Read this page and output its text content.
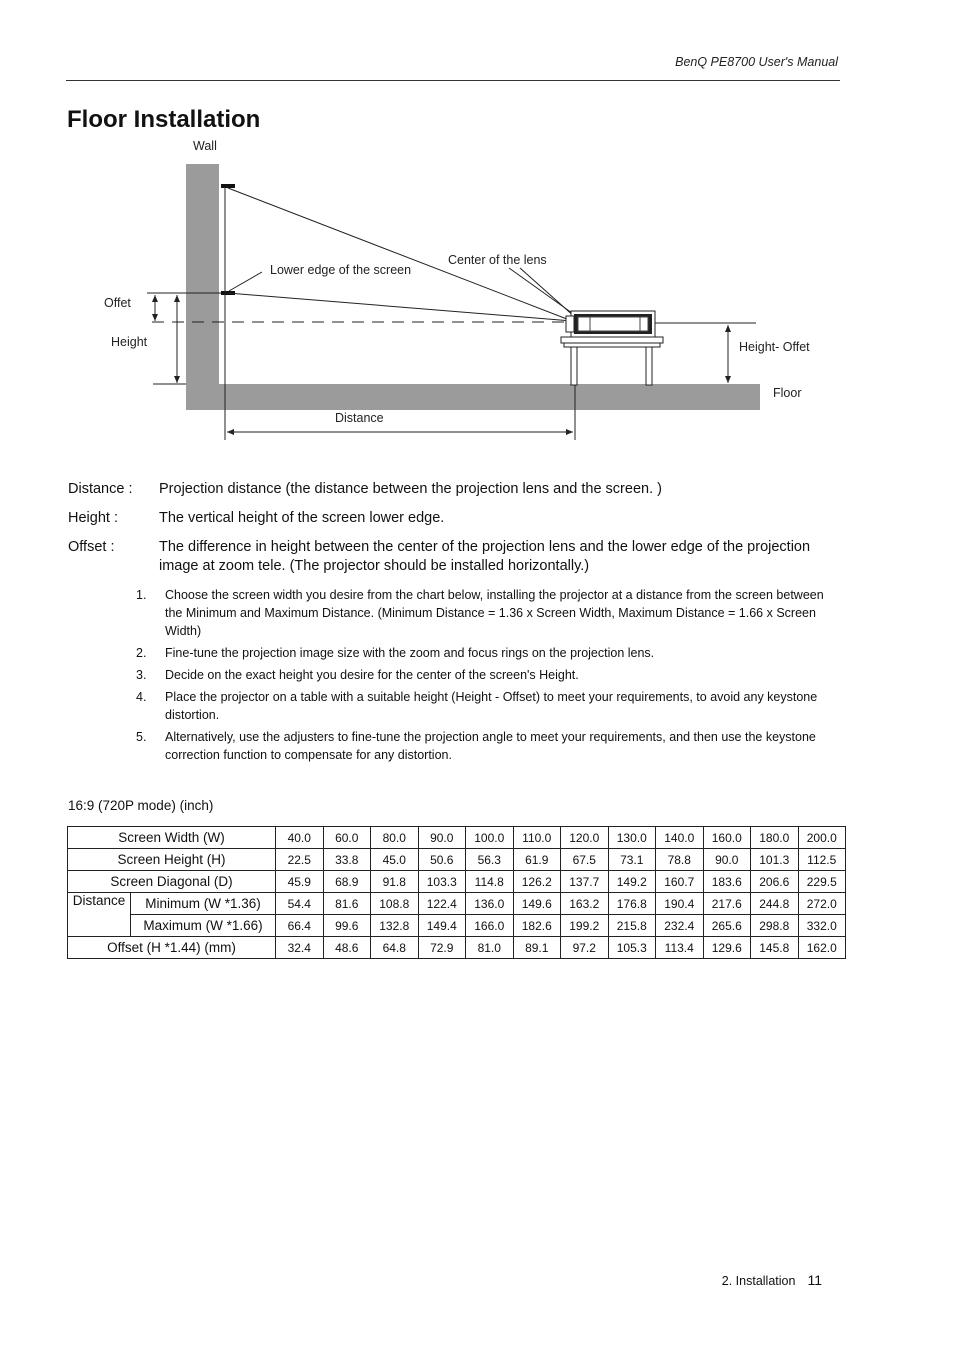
BenQ PE8700 User's Manual
Floor Installation
Wall
Lower edge of the screen
Center of the lens
Offet
Height	Height- Offet
Floor
Distance
Distance :	Projection distance (the distance between the projection lens and the screen. )
Height :	The vertical height of the screen lower edge.
Offset :	The difference in height between the center of the projection lens and the lower edge of the projection image at zoom tele. (The projector should be installed horizontally.)
1. Choose the screen width you desire from the chart below, installing the projector at a distance from the screen between the Minimum and Maximum Distance. (Minimum Distance = 1.36 x Screen Width, Maximum Distance = 1.66 x Screen Width)
2. Fine-tune the projection image size with the zoom and focus rings on the projection lens.
3. Decide on the exact height you desire for the center of the screen's Height.
4. Place the projector on a table with a suitable height (Height - Offset) to meet your requirements, to avoid any keystone distortion.
5. Alternatively, use the adjusters to fine-tune the projection angle to meet your requirements, and then use the keystone correction function to compensate for any distortion.
16:9 (720P mode) (inch)
Screen Width (W)		40.0	60.0	80.0	90.0	100.0	110.0	120.0	130.0	140.0	160.0	180.0	200.0
Screen Height (H)		22.5	33.8	45.0	50.6	56.3	61.9	67.5	73.1	78.8	90.0	101.3	112.5
Screen Diagonal (D)		45.9	68.9	91.8	103.3	114.8	126.2	137.7	149.2	160.7	183.6	206.6	229.5
Distance	Minimum (W *1.36)	54.4	81.6	108.8	122.4	136.0	149.6	163.2	176.8	190.4	217.6	244.8	272.0
	Maximum (W *1.66)	66.4	99.6	132.8	149.4	166.0	182.6	199.2	215.8	232.4	265.6	298.8	332.0
Offset (H *1.44) (mm)		32.4	48.6	64.8	72.9	81.0	89.1	97.2	105.3	113.4	129.6	145.8	162.0
2. Installation 11
